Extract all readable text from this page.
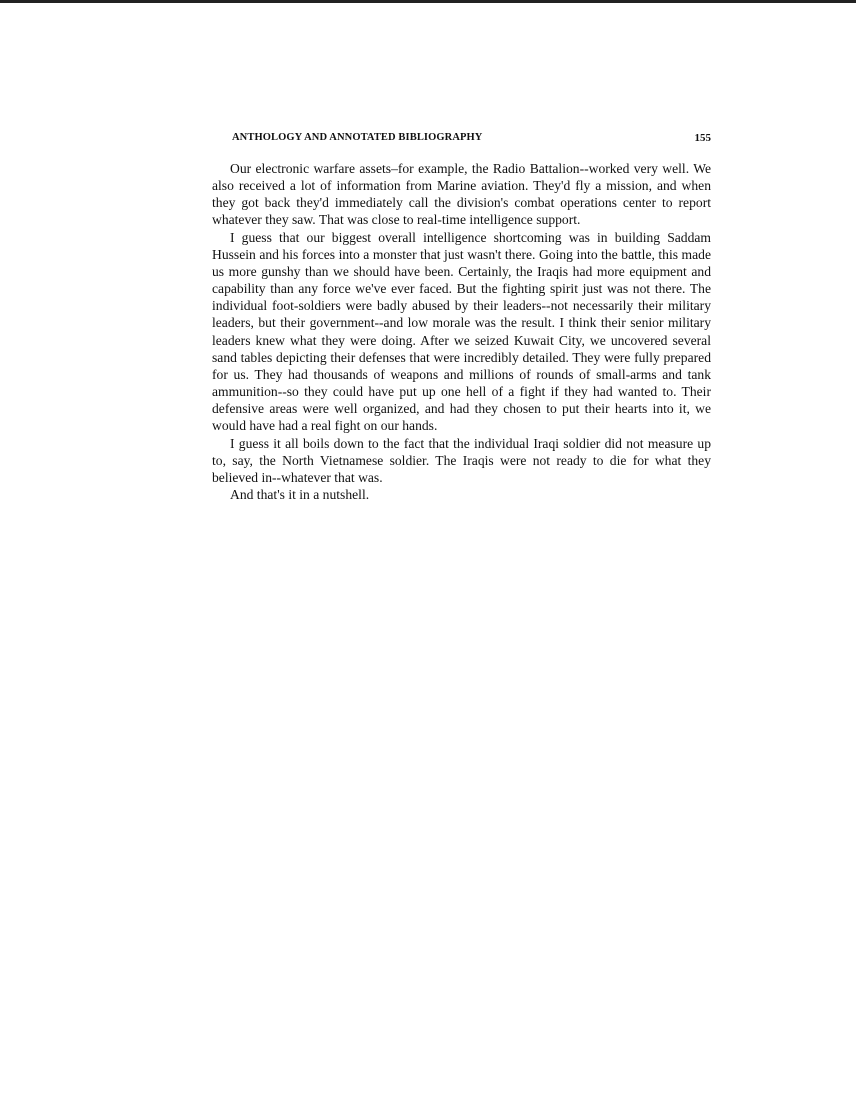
ANTHOLOGY AND ANNOTATED BIBLIOGRAPHY	155

Our electronic warfare assets–for example, the Radio Battalion--worked very well. We also received a lot of information from Marine aviation. They'd fly a mission, and when they got back they'd immediately call the division's combat operations center to report whatever they saw. That was close to real-time intelligence support.

I guess that our biggest overall intelligence shortcoming was in building Saddam Hussein and his forces into a monster that just wasn't there. Going into the battle, this made us more gunshy than we should have been. Certainly, the Iraqis had more equipment and capability than any force we've ever faced. But the fighting spirit just was not there. The individual foot-soldiers were badly abused by their leaders--not necessarily their military leaders, but their government--and low morale was the result. I think their senior military leaders knew what they were doing. After we seized Kuwait City, we uncovered several sand tables depicting their defenses that were incredibly detailed. They were fully prepared for us. They had thousands of weapons and millions of rounds of small-arms and tank ammunition--so they could have put up one hell of a fight if they had wanted to. Their defensive areas were well organized, and had they chosen to put their hearts into it, we would have had a real fight on our hands.

I guess it all boils down to the fact that the individual Iraqi soldier did not measure up to, say, the North Vietnamese soldier. The Iraqis were not ready to die for what they believed in--whatever that was.

And that's it in a nutshell.
